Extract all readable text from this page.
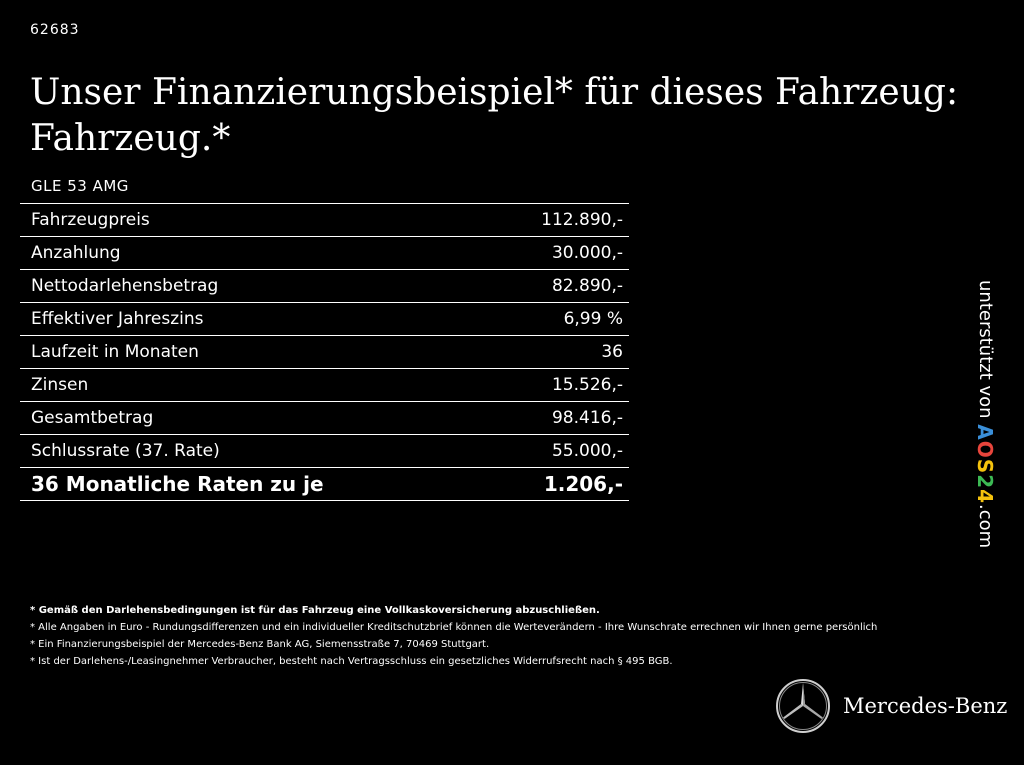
62683
Unser Finanzierungsbeispiel* für dieses Fahrzeug: Fahrzeug.*
GLE 53 AMG
Fahrzeugpreis	112.890,-
Anzahlung	30.000,-
Nettodarlehensbetrag	82.890,-
Effektiver Jahreszins	6,99 %
Laufzeit in Monaten	36
Zinsen	15.526,-
Gesamtbetrag	98.416,-
Schlussrate (37. Rate)	55.000,-
36 Monatliche Raten zu je	1.206,-
unterstützt von AOS24.com
* Gemäß den Darlehensbedingungen ist für das Fahrzeug eine Vollkaskoversicherung abzuschließen.
* Alle Angaben in Euro - Rundungsdifferenzen und ein individueller Kreditschutzbrief können die Werteverändern - Ihre Wunschrate errechnen wir Ihnen gerne persönlich
* Ein Finanzierungsbeispiel der Mercedes-Benz Bank AG, Siemensstraße 7, 70469 Stuttgart.
* Ist der Darlehens-/Leasingnehmer Verbraucher, besteht nach Vertragsschluss ein gesetzliches Widerrufsrecht nach § 495 BGB.
Mercedes-Benz
